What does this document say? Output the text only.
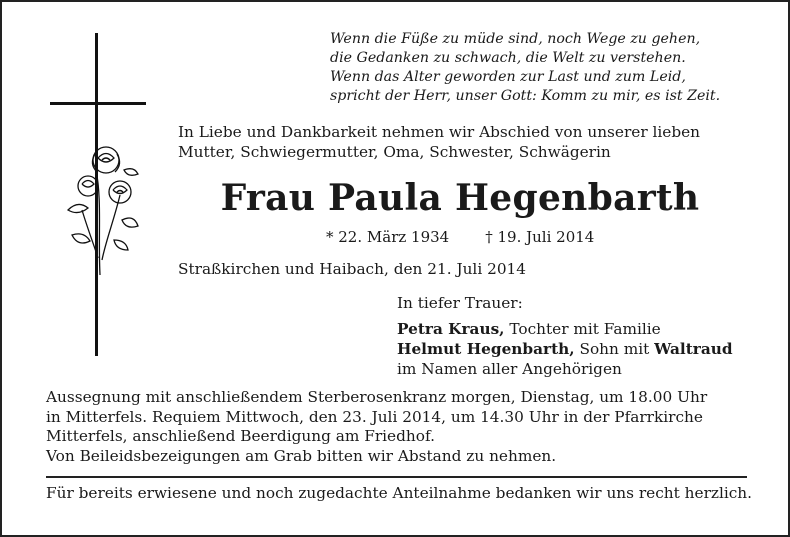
Wenn die Füße zu müde sind, noch Wege zu gehen,
die Gedanken zu schwach, die Welt zu verstehen.
Wenn das Alter geworden zur Last und zum Leid,
spricht der Herr, unser Gott: Komm zu mir, es ist Zeit.
In Liebe und Dankbarkeit nehmen wir Abschied von unserer lieben
Mutter, Schwiegermutter, Oma, Schwester, Schwägerin
Frau Paula Hegenbarth
* 22. März 1934 † 19. Juli 2014
Straßkirchen und Haibach, den 21. Juli 2014
In tiefer Trauer:
Petra Kraus, Tochter mit Familie
Helmut Hegenbarth, Sohn mit Waltraud
im Namen aller Angehörigen
Aussegnung mit anschließendem Sterberosenkranz morgen, Dienstag, um 18.00 Uhr
in Mitterfels. Requiem Mittwoch, den 23. Juli 2014, um 14.30 Uhr in der Pfarrkirche
Mitterfels, anschließend Beerdigung am Friedhof.
Von Beileidsbezeigungen am Grab bitten wir Abstand zu nehmen.
Für bereits erwiesene und noch zugedachte Anteilnahme bedanken wir uns recht herzlich.
